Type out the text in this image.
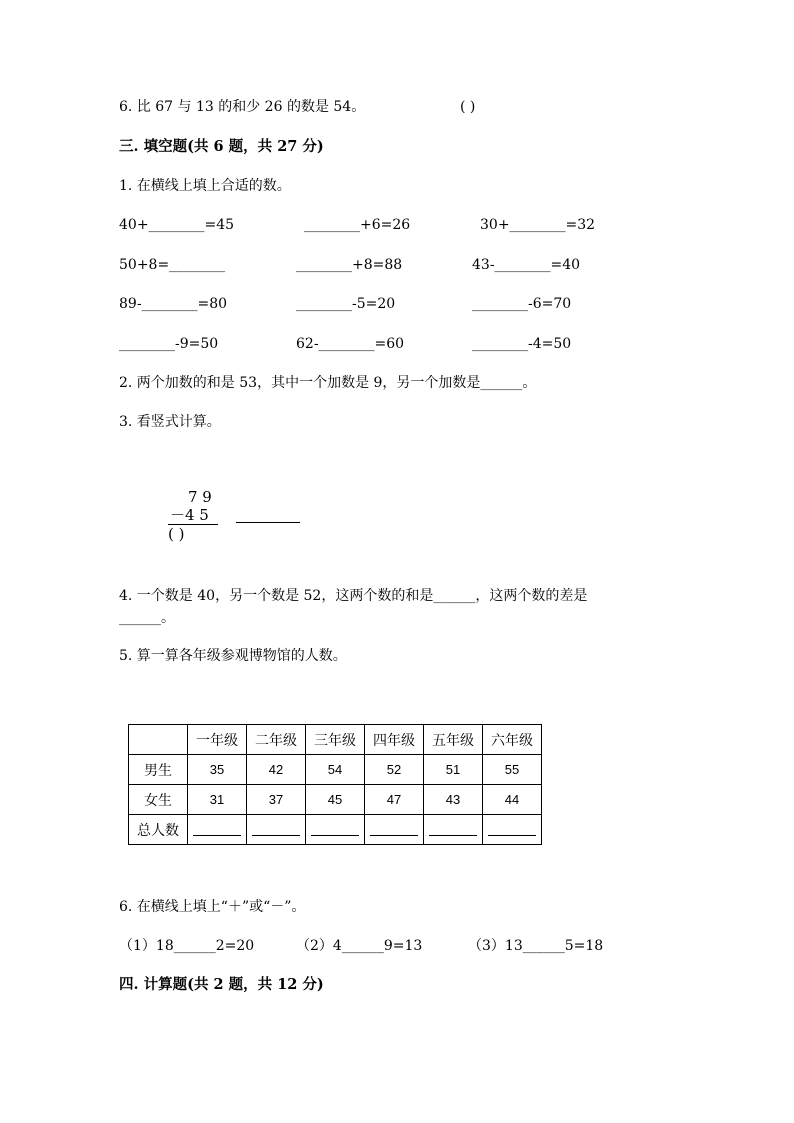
6. 比 67 与 13 的和少 26 的数是 54。	( )
三. 填空题(共 6 题，共 27 分)
1. 在横线上填上合适的数。
40+________=45	________+6=26	30+________=32
50+8=________	________+8=88	43-________=40
89-________=80	________-5=20	________-6=70
________-9=50	62-________=60	________-4=50
2. 两个加数的和是 53，其中一个加数是 9，另一个加数是______。
3. 看竖式计算。
7 9
－4 5
( )
4. 一个数是 40，另一个数是 52，这两个数的和是______，这两个数的差是
______。
5. 算一算各年级参观博物馆的人数。
	一年级	二年级	三年级	四年级	五年级	六年级
男生	35	42	54	52	51	55
女生	31	37	45	47	43	44
总人数						
6. 在横线上填上“＋”或“－”。
（1）18______2=20	（2）4______9=13	（3）13______5=18
四. 计算题(共 2 题，共 12 分)
